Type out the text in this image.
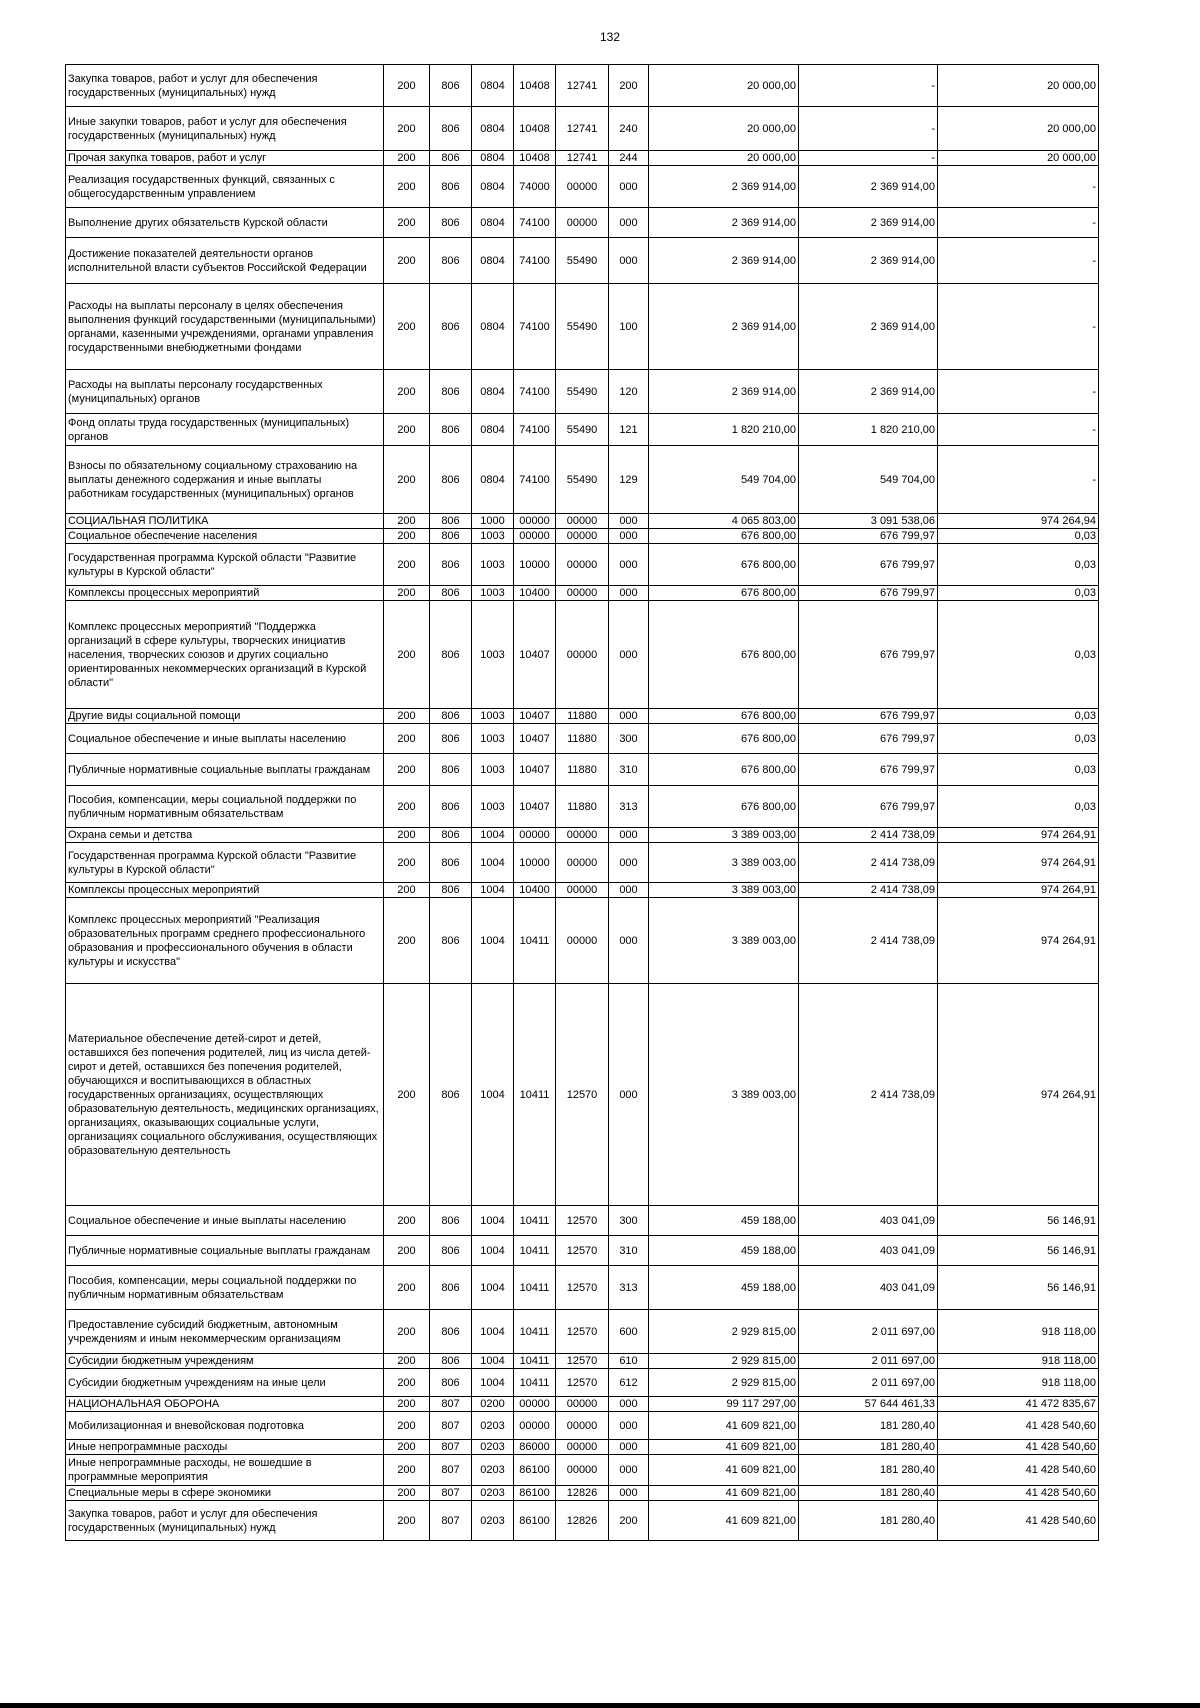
132
Закупка товаров, работ и услуг для обеспечения государственных (муниципальных) нужд	200	806	0804	10408	12741	200	20 000,00	-	20 000,00
Иные закупки товаров, работ и услуг для обеспечения государственных (муниципальных) нужд	200	806	0804	10408	12741	240	20 000,00	-	20 000,00
Прочая закупка товаров, работ и услуг	200	806	0804	10408	12741	244	20 000,00	-	20 000,00
Реализация государственных функций, связанных с общегосударственным управлением	200	806	0804	74000	00000	000	2 369 914,00	2 369 914,00	-
Выполнение других обязательств Курской области	200	806	0804	74100	00000	000	2 369 914,00	2 369 914,00	-
Достижение показателей деятельности органов исполнительной власти субъектов Российской Федерации	200	806	0804	74100	55490	000	2 369 914,00	2 369 914,00	-
Расходы на выплаты персоналу в целях обеспечения выполнения функций государственными (муниципальными) органами, казенными учреждениями, органами управления государственными внебюджетными фондами	200	806	0804	74100	55490	100	2 369 914,00	2 369 914,00	-
Расходы на выплаты персоналу государственных (муниципальных) органов	200	806	0804	74100	55490	120	2 369 914,00	2 369 914,00	-
Фонд оплаты труда государственных (муниципальных) органов	200	806	0804	74100	55490	121	1 820 210,00	1 820 210,00	-
Взносы по обязательному социальному страхованию на выплаты денежного содержания и иные выплаты работникам государственных (муниципальных) органов	200	806	0804	74100	55490	129	549 704,00	549 704,00	-
СОЦИАЛЬНАЯ ПОЛИТИКА	200	806	1000	00000	00000	000	4 065 803,00	3 091 538,06	974 264,94
Социальное обеспечение населения	200	806	1003	00000	00000	000	676 800,00	676 799,97	0,03
Государственная программа Курской области "Развитие культуры в Курской области"	200	806	1003	10000	00000	000	676 800,00	676 799,97	0,03
Комплексы процессных мероприятий	200	806	1003	10400	00000	000	676 800,00	676 799,97	0,03
Комплекс процессных мероприятий "Поддержка организаций в сфере культуры, творческих инициатив населения, творческих союзов и других социально ориентированных некоммерческих организаций в Курской области"	200	806	1003	10407	00000	000	676 800,00	676 799,97	0,03
Другие виды социальной помощи	200	806	1003	10407	11880	000	676 800,00	676 799,97	0,03
Социальное обеспечение и иные выплаты населению	200	806	1003	10407	11880	300	676 800,00	676 799,97	0,03
Публичные нормативные социальные выплаты гражданам	200	806	1003	10407	11880	310	676 800,00	676 799,97	0,03
Пособия, компенсации, меры социальной поддержки по публичным нормативным обязательствам	200	806	1003	10407	11880	313	676 800,00	676 799,97	0,03
Охрана семьи и детства	200	806	1004	00000	00000	000	3 389 003,00	2 414 738,09	974 264,91
Государственная программа Курской области "Развитие культуры в Курской области"	200	806	1004	10000	00000	000	3 389 003,00	2 414 738,09	974 264,91
Комплексы процессных мероприятий	200	806	1004	10400	00000	000	3 389 003,00	2 414 738,09	974 264,91
Комплекс процессных мероприятий "Реализация образовательных программ среднего профессионального образования и профессионального обучения в области культуры и искусства"	200	806	1004	10411	00000	000	3 389 003,00	2 414 738,09	974 264,91
Материальное обеспечение детей-сирот и детей, оставшихся без попечения родителей, лиц из числа детей-сирот и детей, оставшихся без попечения родителей, обучающихся и воспитывающихся в областных государственных организациях, осуществляющих образовательную деятельность, медицинских организациях, организациях, оказывающих социальные услуги, организациях социального обслуживания, осуществляющих образовательную деятельность	200	806	1004	10411	12570	000	3 389 003,00	2 414 738,09	974 264,91
Социальное обеспечение и иные выплаты населению	200	806	1004	10411	12570	300	459 188,00	403 041,09	56 146,91
Публичные нормативные социальные выплаты гражданам	200	806	1004	10411	12570	310	459 188,00	403 041,09	56 146,91
Пособия, компенсации, меры социальной поддержки по публичным нормативным обязательствам	200	806	1004	10411	12570	313	459 188,00	403 041,09	56 146,91
Предоставление субсидий бюджетным, автономным учреждениям и иным некоммерческим организациям	200	806	1004	10411	12570	600	2 929 815,00	2 011 697,00	918 118,00
Субсидии бюджетным учреждениям	200	806	1004	10411	12570	610	2 929 815,00	2 011 697,00	918 118,00
Субсидии бюджетным учреждениям на иные цели	200	806	1004	10411	12570	612	2 929 815,00	2 011 697,00	918 118,00
НАЦИОНАЛЬНАЯ ОБОРОНА	200	807	0200	00000	00000	000	99 117 297,00	57 644 461,33	41 472 835,67
Мобилизационная и вневойсковая подготовка	200	807	0203	00000	00000	000	41 609 821,00	181 280,40	41 428 540,60
Иные непрограммные расходы	200	807	0203	86000	00000	000	41 609 821,00	181 280,40	41 428 540,60
Иные непрограммные расходы, не вошедшие в программные мероприятия	200	807	0203	86100	00000	000	41 609 821,00	181 280,40	41 428 540,60
Специальные меры в сфере экономики	200	807	0203	86100	12826	000	41 609 821,00	181 280,40	41 428 540,60
Закупка товаров, работ и услуг для обеспечения государственных (муниципальных) нужд	200	807	0203	86100	12826	200	41 609 821,00	181 280,40	41 428 540,60
